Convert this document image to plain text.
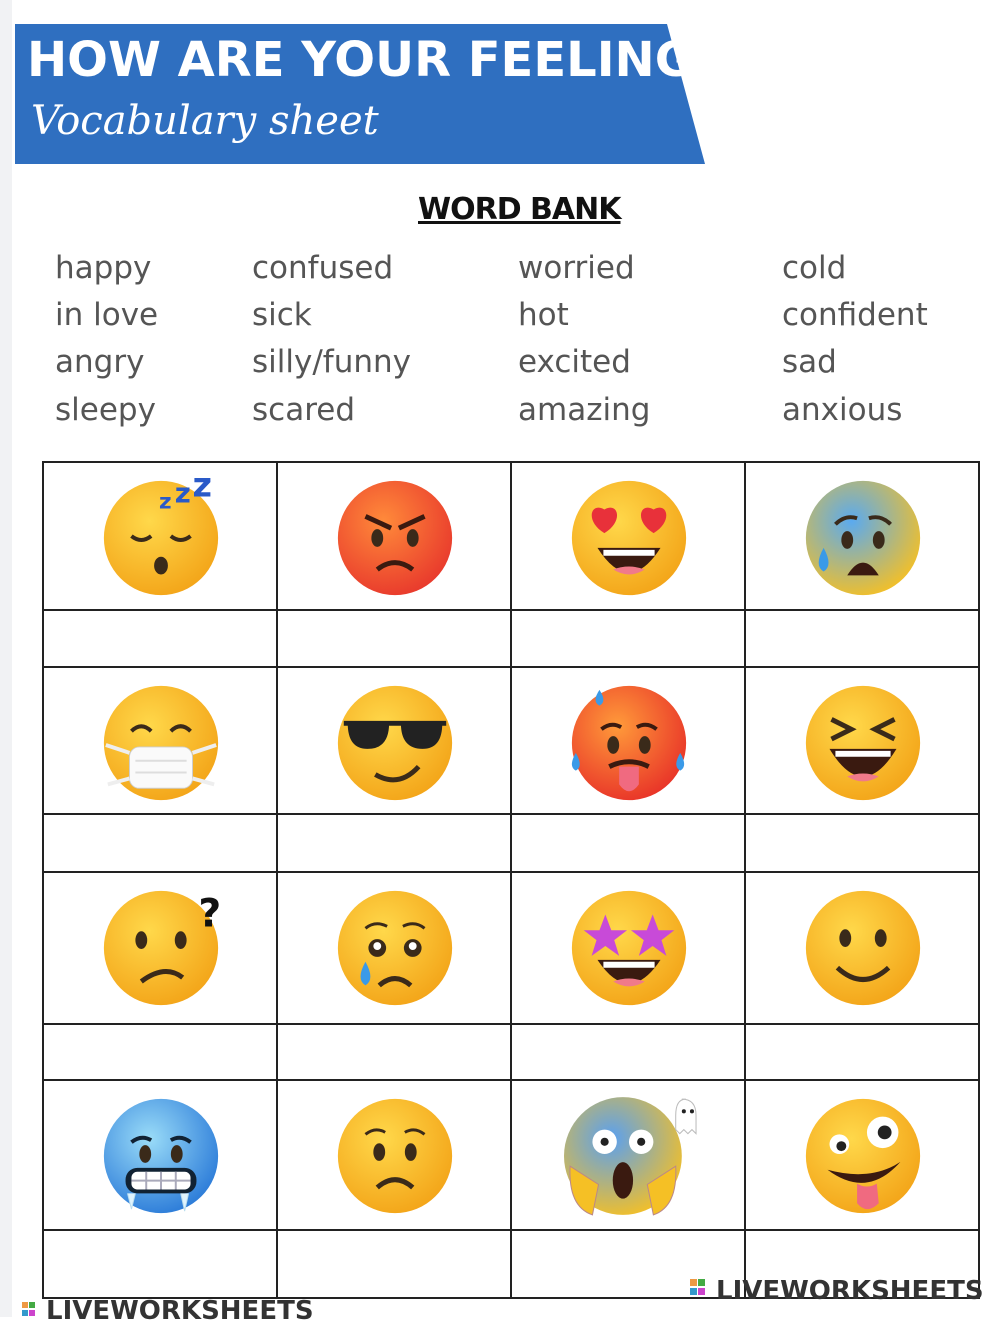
HOW ARE YOUR FEELING?
Vocabulary sheet
WORD BANK
happy
in love
angry
sleepy
confused
sick
silly/funny
scared
worried
hot
excited
amazing
cold
confident
sad
anxious
z z z
?
LIVEWORKSHEETS
LIVEWORKSHEETS
